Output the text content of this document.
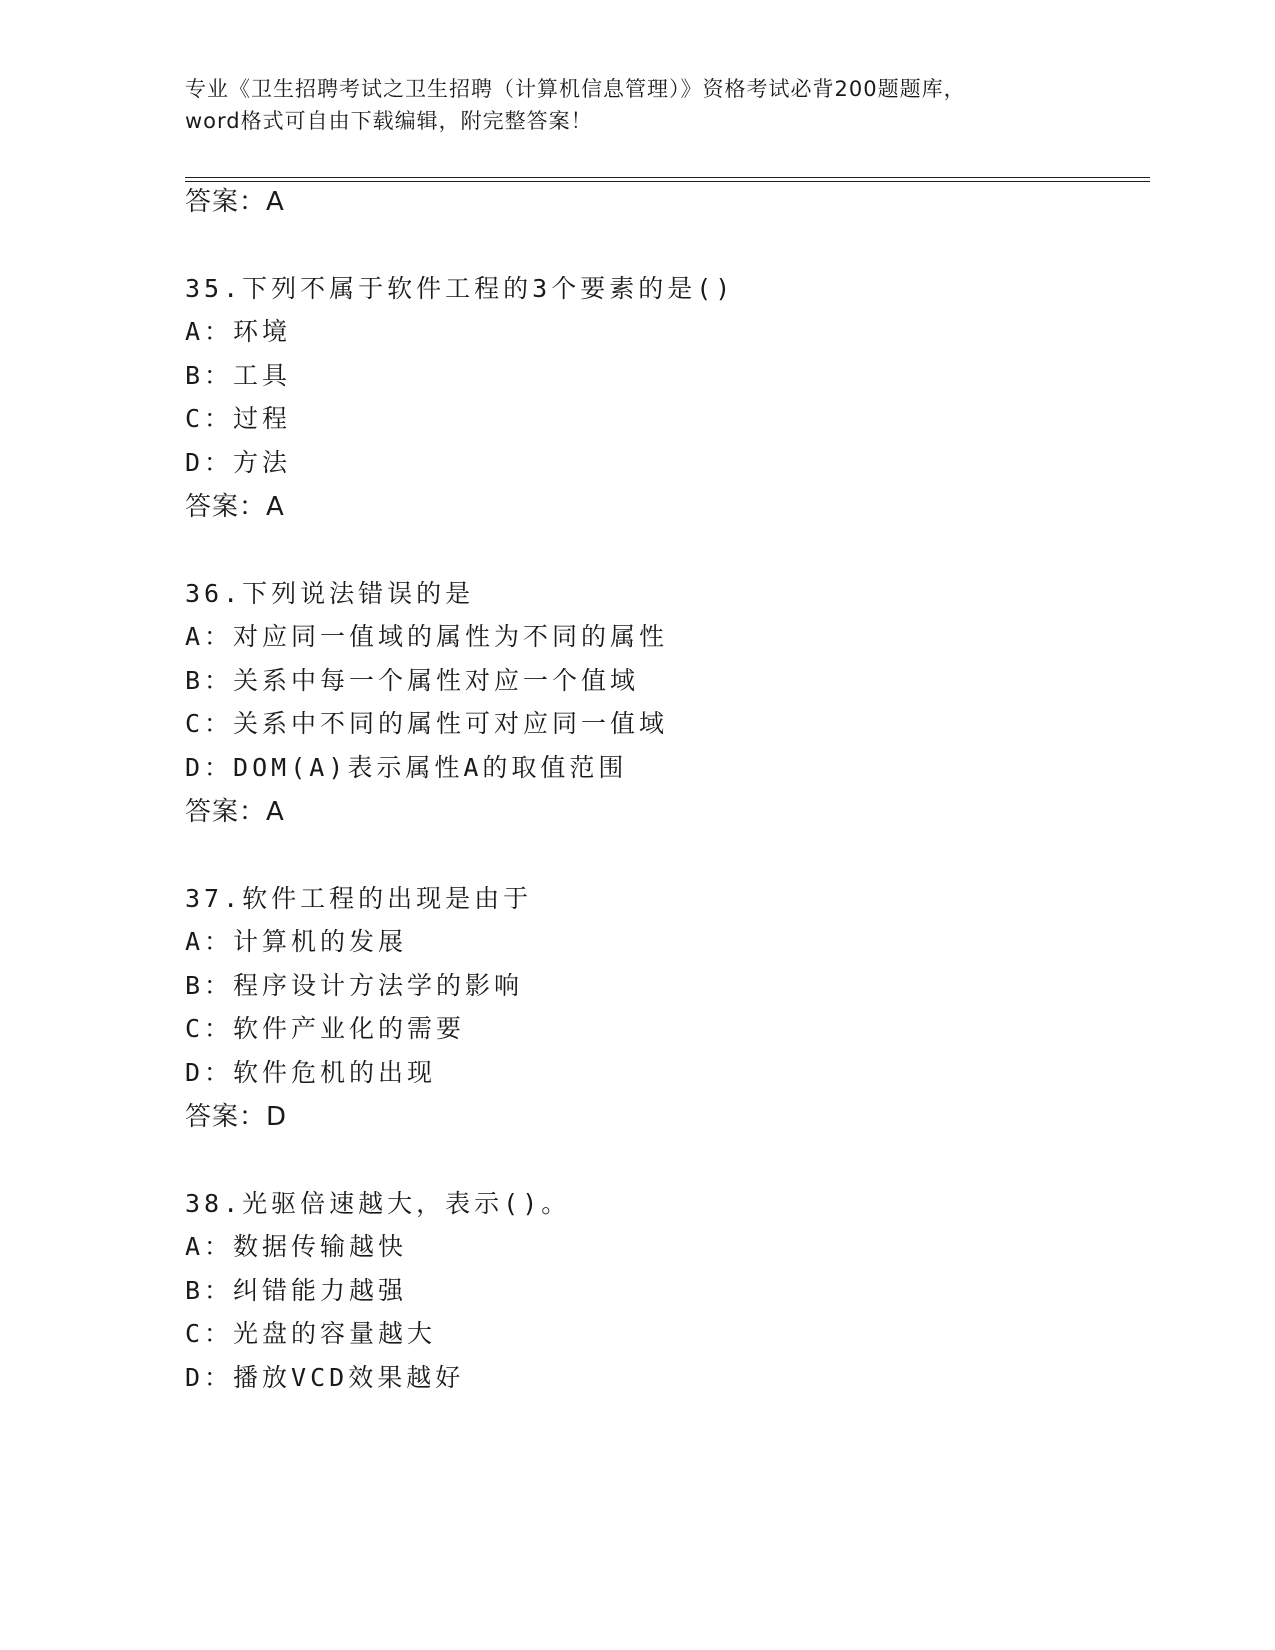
专业《卫生招聘考试之卫生招聘（计算机信息管理）》资格考试必背200题题库，
word格式可自由下载编辑，附完整答案！
答案：A
35.下列不属于软件工程的3个要素的是()
A：环境
B：工具
C：过程
D：方法
答案：A
36.下列说法错误的是
A：对应同一值域的属性为不同的属性
B：关系中每一个属性对应一个值域
C：关系中不同的属性可对应同一值域
D：DOM(A)表示属性A的取值范围
答案：A
37.软件工程的出现是由于
A：计算机的发展
B：程序设计方法学的影响
C：软件产业化的需要
D：软件危机的出现
答案：D
38.光驱倍速越大，表示()。
A：数据传输越快
B：纠错能力越强
C：光盘的容量越大
D：播放VCD效果越好
